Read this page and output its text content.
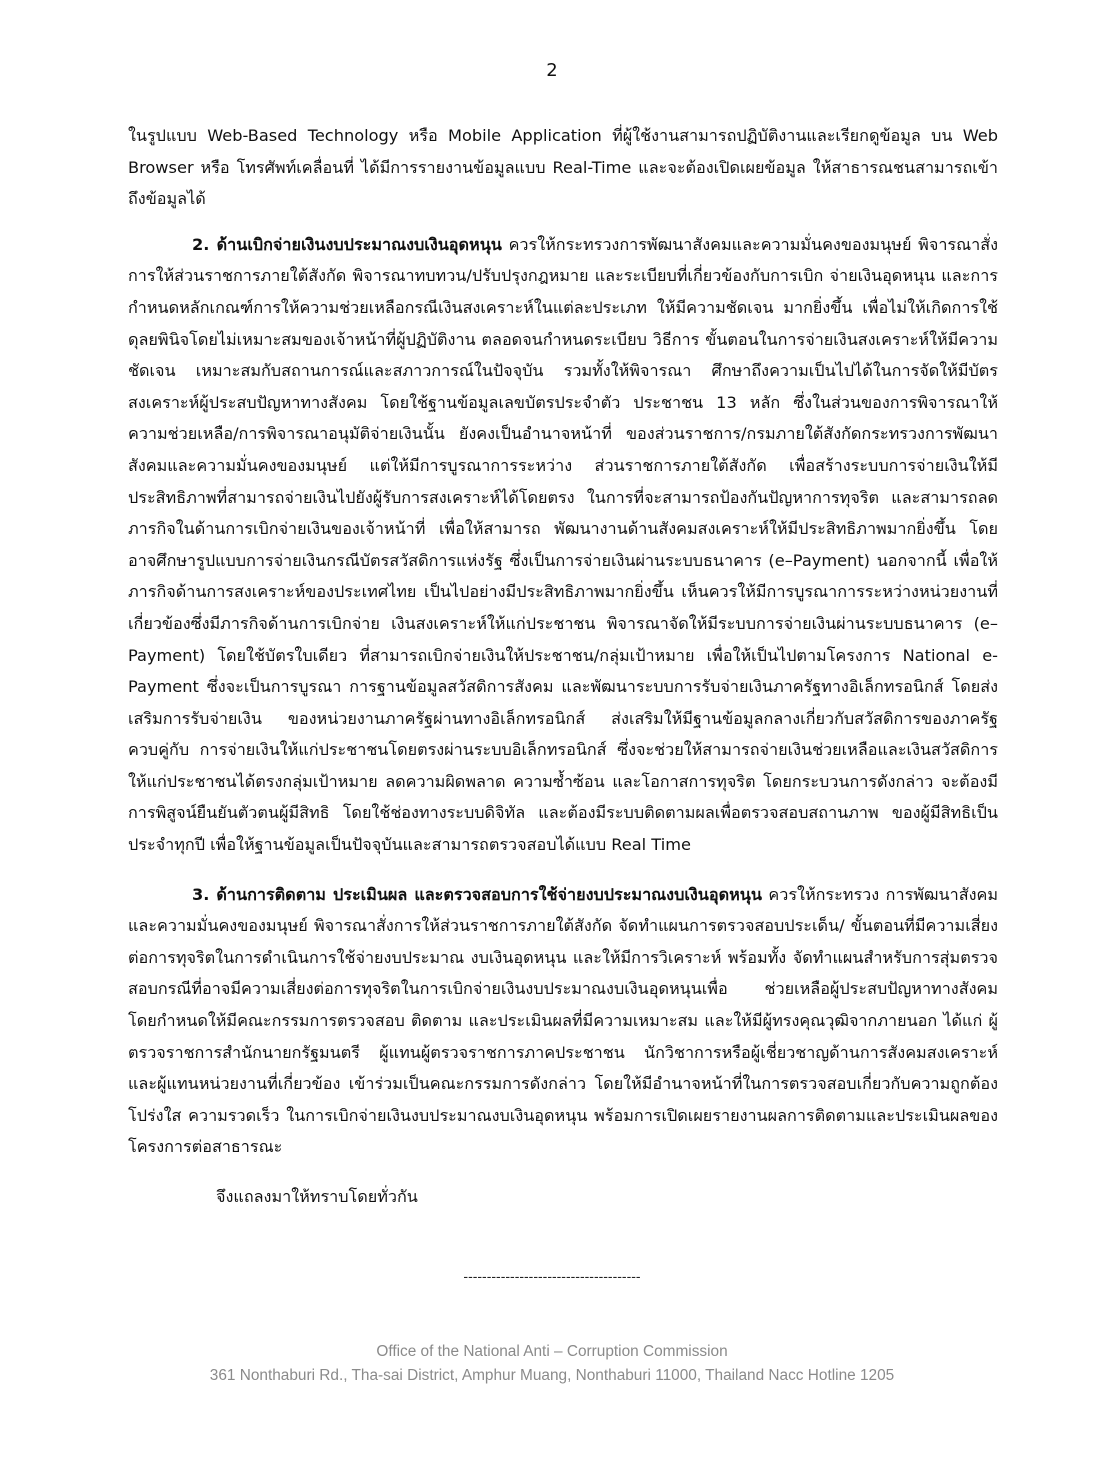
2

ในรูปแบบ Web-Based Technology หรือ Mobile Application ที่ผู้ใช้งานสามารถปฏิบัติงานและเรียกดูข้อมูล บน Web Browser หรือ โทรศัพท์เคลื่อนที่ ได้มีการรายงานข้อมูลแบบ Real-Time และจะต้องเปิดเผยข้อมูล ให้สาธารณชนสามารถเข้าถึงข้อมูลได้

2. ด้านเบิกจ่ายเงินงบประมาณงบเงินอุดหนุน ควรให้กระทรวงการพัฒนาสังคมและความมั่นคงของมนุษย์ พิจารณาสั่งการให้ส่วนราชการภายใต้สังกัด พิจารณาทบทวน/ปรับปรุงกฎหมาย และระเบียบที่เกี่ยวข้องกับการเบิก จ่ายเงินอุดหนุน และการกำหนดหลักเกณฑ์การให้ความช่วยเหลือกรณีเงินสงเคราะห์ในแต่ละประเภท ให้มีความชัดเจน มากยิ่งขึ้น เพื่อไม่ให้เกิดการใช้ดุลยพินิจโดยไม่เหมาะสมของเจ้าหน้าที่ผู้ปฏิบัติงาน ตลอดจนกำหนดระเบียบ วิธีการ ขั้นตอนในการจ่ายเงินสงเคราะห์ให้มีความชัดเจน เหมาะสมกับสถานการณ์และสภาวการณ์ในปัจจุบัน รวมทั้งให้พิจารณา ศึกษาถึงความเป็นไปได้ในการจัดให้มีบัตรสงเคราะห์ผู้ประสบปัญหาทางสังคม โดยใช้ฐานข้อมูลเลขบัตรประจำตัว ประชาชน 13 หลัก ซึ่งในส่วนของการพิจารณาให้ความช่วยเหลือ/การพิจารณาอนุมัติจ่ายเงินนั้น ยังคงเป็นอำนาจหน้าที่ ของส่วนราชการ/กรมภายใต้สังกัดกระทรวงการพัฒนาสังคมและความมั่นคงของมนุษย์ แต่ให้มีการบูรณาการระหว่าง ส่วนราชการภายใต้สังกัด เพื่อสร้างระบบการจ่ายเงินให้มีประสิทธิภาพที่สามารถจ่ายเงินไปยังผู้รับการสงเคราะห์ได้โดยตรง ในการที่จะสามารถป้องกันปัญหาการทุจริต และสามารถลดภารกิจในด้านการเบิกจ่ายเงินของเจ้าหน้าที่ เพื่อให้สามารถ พัฒนางานด้านสังคมสงเคราะห์ให้มีประสิทธิภาพมากยิ่งขึ้น โดยอาจศึกษารูปแบบการจ่ายเงินกรณีบัตรสวัสดิการแห่งรัฐ ซึ่งเป็นการจ่ายเงินผ่านระบบธนาคาร (e–Payment) นอกจากนี้ เพื่อให้ภารกิจด้านการสงเคราะห์ของประเทศไทย เป็นไปอย่างมีประสิทธิภาพมากยิ่งขึ้น เห็นควรให้มีการบูรณาการระหว่างหน่วยงานที่เกี่ยวข้องซึ่งมีภารกิจด้านการเบิกจ่าย เงินสงเคราะห์ให้แก่ประชาชน พิจารณาจัดให้มีระบบการจ่ายเงินผ่านระบบธนาคาร (e–Payment) โดยใช้บัตรใบเดียว ที่สามารถเบิกจ่ายเงินให้ประชาชน/กลุ่มเป้าหมาย เพื่อให้เป็นไปตามโครงการ National e-Payment ซึ่งจะเป็นการบูรณา การฐานข้อมูลสวัสดิการสังคม และพัฒนาระบบการรับจ่ายเงินภาครัฐทางอิเล็กทรอนิกส์ โดยส่งเสริมการรับจ่ายเงิน ของหน่วยงานภาครัฐผ่านทางอิเล็กทรอนิกส์ ส่งเสริมให้มีฐานข้อมูลกลางเกี่ยวกับสวัสดิการของภาครัฐ ควบคู่กับ การจ่ายเงินให้แก่ประชาชนโดยตรงผ่านระบบอิเล็กทรอนิกส์ ซึ่งจะช่วยให้สามารถจ่ายเงินช่วยเหลือและเงินสวัสดิการ ให้แก่ประชาชนได้ตรงกลุ่มเป้าหมาย ลดความผิดพลาด ความซ้ำซ้อน และโอกาสการทุจริต โดยกระบวนการดังกล่าว จะต้องมีการพิสูจน์ยืนยันตัวตนผู้มีสิทธิ โดยใช้ช่องทางระบบดิจิทัล และต้องมีระบบติดตามผลเพื่อตรวจสอบสถานภาพ ของผู้มีสิทธิเป็นประจำทุกปี เพื่อให้ฐานข้อมูลเป็นปัจจุบันและสามารถตรวจสอบได้แบบ Real Time

3. ด้านการติดตาม ประเมินผล และตรวจสอบการใช้จ่ายงบประมาณงบเงินอุดหนุน ควรให้กระทรวง การพัฒนาสังคมและความมั่นคงของมนุษย์ พิจารณาสั่งการให้ส่วนราชการภายใต้สังกัด จัดทำแผนการตรวจสอบประเด็น/ ขั้นตอนที่มีความเสี่ยงต่อการทุจริตในการดำเนินการใช้จ่ายงบประมาณ งบเงินอุดหนุน และให้มีการวิเคราะห์ พร้อมทั้ง จัดทำแผนสำหรับการสุ่มตรวจสอบกรณีที่อาจมีความเสี่ยงต่อการทุจริตในการเบิกจ่ายเงินงบประมาณงบเงินอุดหนุนเพื่อ ช่วยเหลือผู้ประสบปัญหาทางสังคม โดยกำหนดให้มีคณะกรรมการตรวจสอบ ติดตาม และประเมินผลที่มีความเหมาะสม และให้มีผู้ทรงคุณวุฒิจากภายนอก ได้แก่ ผู้ตรวจราชการสำนักนายกรัฐมนตรี ผู้แทนผู้ตรวจราชการภาคประชาชน นักวิชาการหรือผู้เชี่ยวชาญด้านการสังคมสงเคราะห์ และผู้แทนหน่วยงานที่เกี่ยวข้อง เข้าร่วมเป็นคณะกรรมการดังกล่าว โดยให้มีอำนาจหน้าที่ในการตรวจสอบเกี่ยวกับความถูกต้องโปร่งใส ความรวดเร็ว ในการเบิกจ่ายเงินงบประมาณงบเงินอุดหนุน พร้อมการเปิดเผยรายงานผลการติดตามและประเมินผลของโครงการต่อสาธารณะ

จึงแถลงมาให้ทราบโดยทั่วกัน

--------------------------------------
Office of the National Anti – Corruption Commission
361 Nonthaburi Rd., Tha-sai District, Amphur Muang, Nonthaburi 11000, Thailand Nacc Hotline 1205
